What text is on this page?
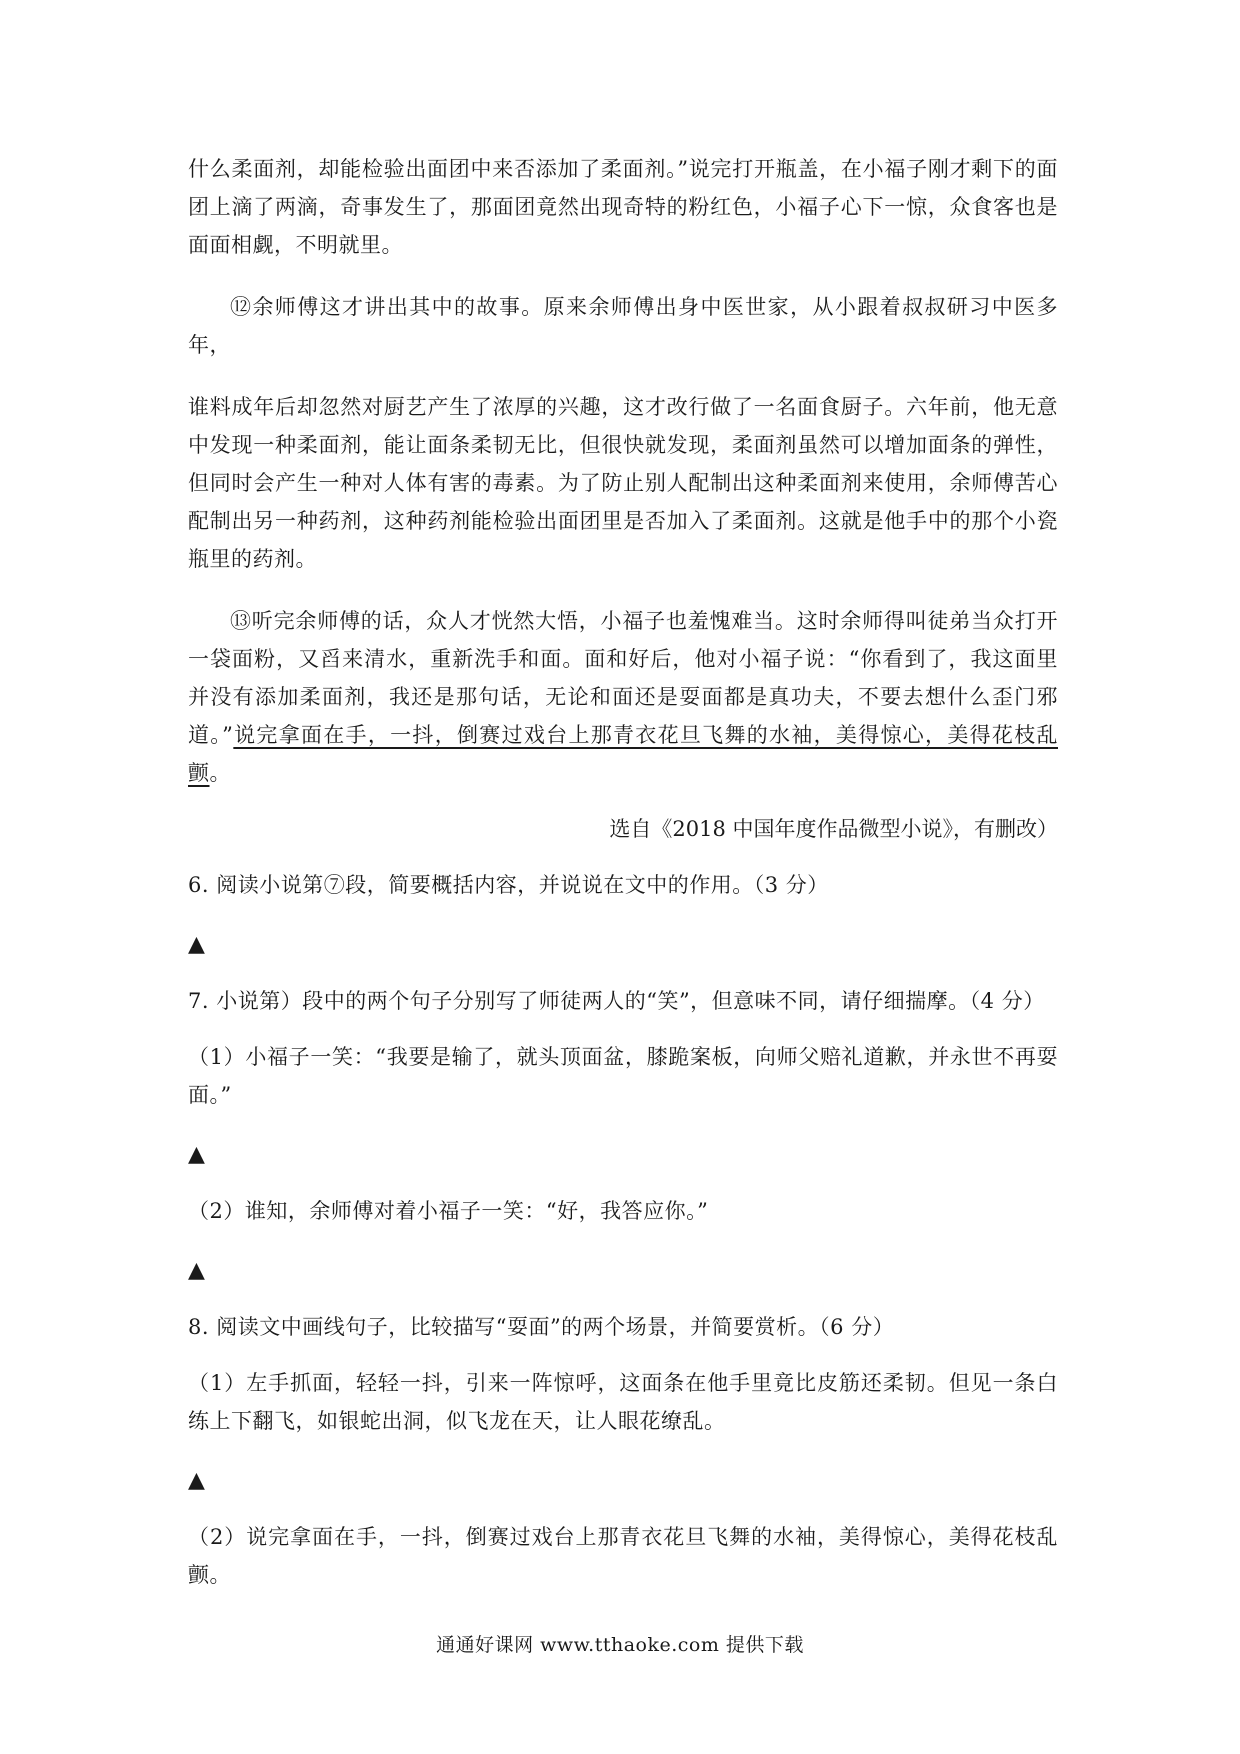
什么柔面剂，却能检验出面团中来否添加了柔面剂。”说完打开瓶盖，在小福子刚才剩下的面团上滴了两滴，奇事发生了，那面团竟然出现奇特的粉红色，小福子心下一惊，众食客也是面面相觑，不明就里。

⑫余师傅这才讲出其中的故事。原来余师傅出身中医世家，从小跟着叔叔研习中医多年，

谁料成年后却忽然对厨艺产生了浓厚的兴趣，这才改行做了一名面食厨子。六年前，他无意中发现一种柔面剂，能让面条柔韧无比，但很快就发现，柔面剂虽然可以增加面条的弹性，但同时会产生一种对人体有害的毒素。为了防止别人配制出这种柔面剂来使用，余师傅苦心配制出另一种药剂，这种药剂能检验出面团里是否加入了柔面剂。这就是他手中的那个小瓷瓶里的药剂。

⑬听完余师傅的话，众人才恍然大悟，小福子也羞愧难当。这时余师得叫徒弟当众打开一袋面粉，又舀来清水，重新洗手和面。面和好后，他对小福子说：“你看到了，我这面里并没有添加柔面剂，我还是那句话，无论和面还是耍面都是真功夫，不要去想什么歪门邪道。”说完拿面在手，一抖，倒赛过戏台上那青衣花旦飞舞的水袖，美得惊心，美得花枝乱颤。

选自《2018 中国年度作品微型小说》，有删改）

6. 阅读小说第⑦段，简要概括内容，并说说在文中的作用。（3 分）

▲

7. 小说第）段中的两个句子分别写了师徒两人的“笑”，但意味不同，请仔细揣摩。（4 分）

（1）小福子一笑：“我要是输了，就头顶面盆，膝跪案板，向师父赔礼道歉，并永世不再耍面。”

▲

（2）谁知，余师傅对着小福子一笑：“好，我答应你。”

▲

8. 阅读文中画线句子，比较描写“耍面”的两个场景，并简要赏析。（6 分）

（1）左手抓面，轻轻一抖，引来一阵惊呼，这面条在他手里竟比皮筋还柔韧。但见一条白练上下翻飞，如银蛇出洞，似飞龙在天，让人眼花缭乱。

▲

（2）说完拿面在手，一抖，倒赛过戏台上那青衣花旦飞舞的水袖，美得惊心，美得花枝乱颤。

通通好课网 www.tthaoke.com 提供下载
